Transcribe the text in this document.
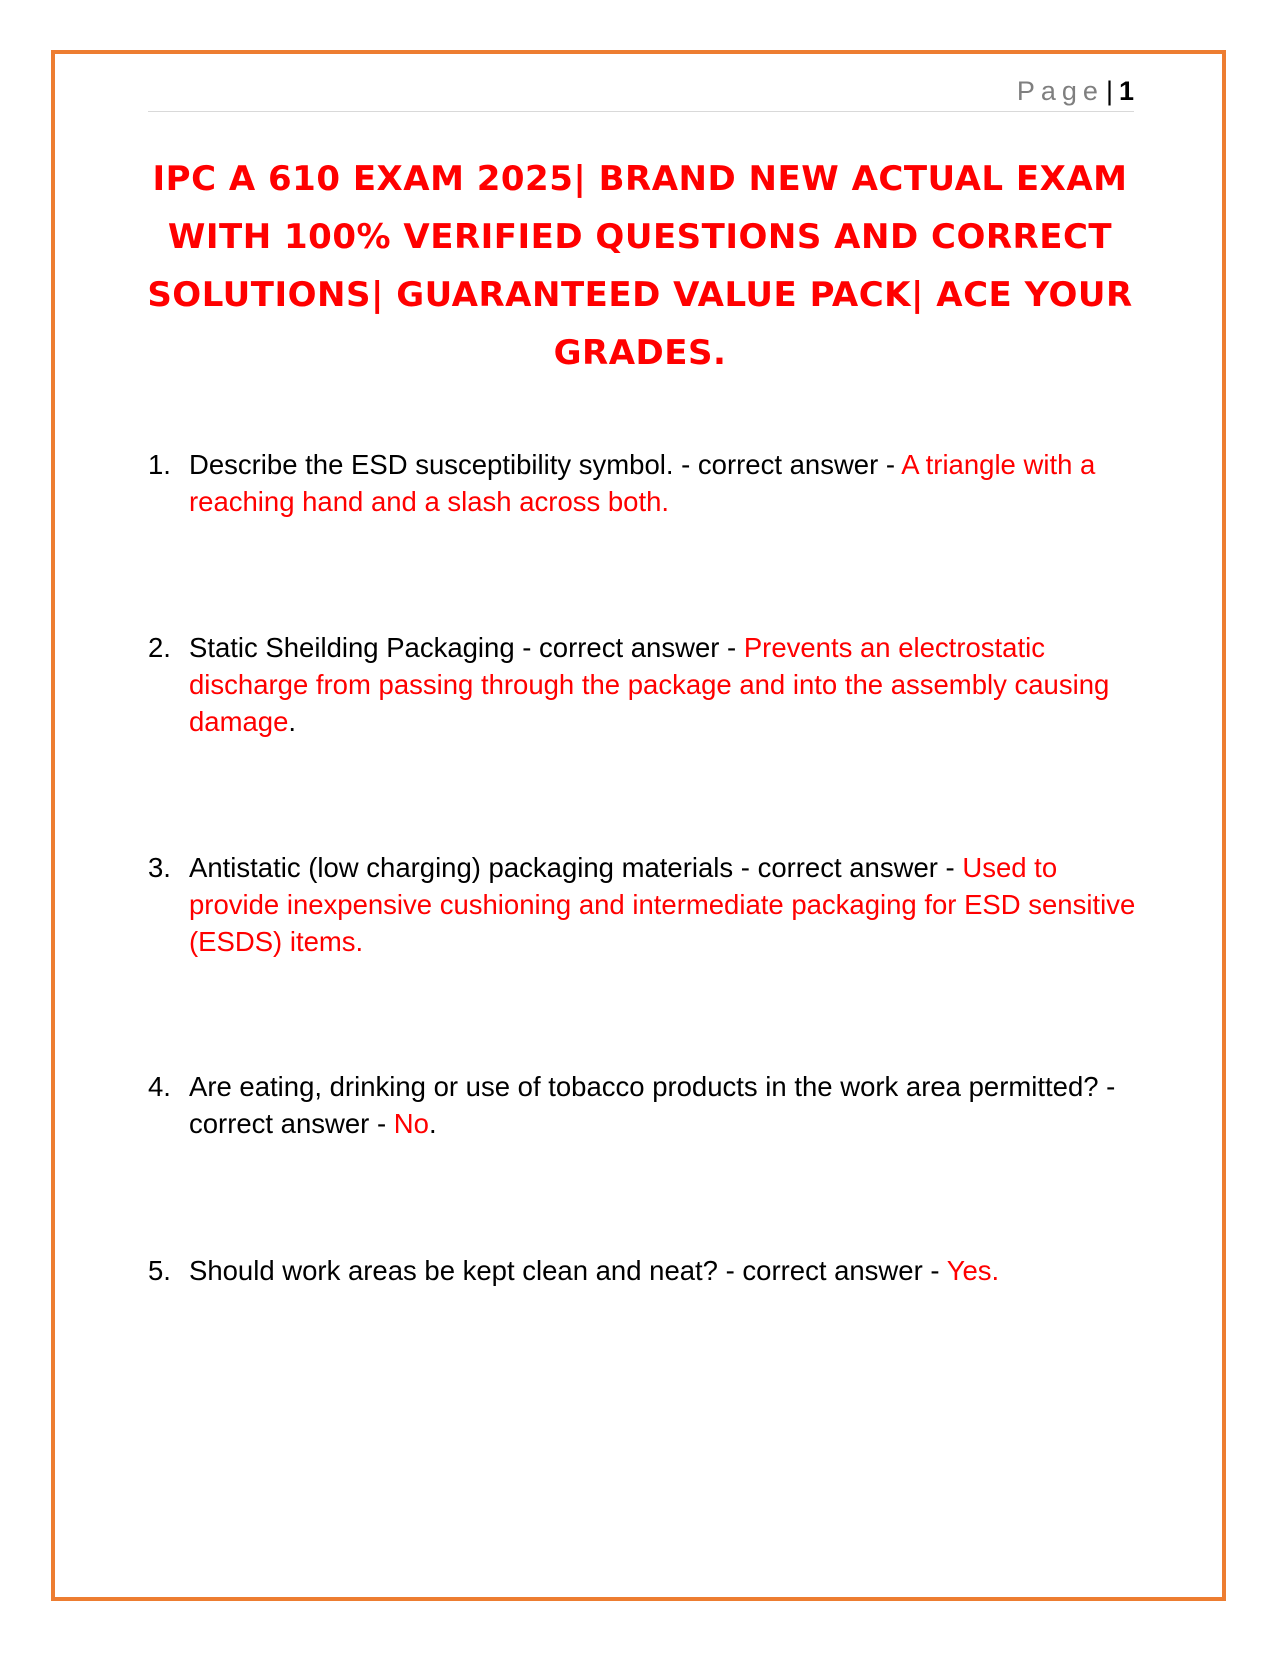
Page| 1
IPC A 610 EXAM 2025| BRAND NEW ACTUAL EXAM WITH 100% VERIFIED QUESTIONS AND CORRECT SOLUTIONS| GUARANTEED VALUE PACK| ACE YOUR GRADES.
1. Describe the ESD susceptibility symbol. - correct answer - A triangle with a reaching hand and a slash across both.
2. Static Sheilding Packaging - correct answer - Prevents an electrostatic discharge from passing through the package and into the assembly causing damage.
3. Antistatic (low charging) packaging materials - correct answer - Used to provide inexpensive cushioning and intermediate packaging for ESD sensitive (ESDS) items.
4. Are eating, drinking or use of tobacco products in the work area permitted? - correct answer - No.
5. Should work areas be kept clean and neat? - correct answer - Yes.
